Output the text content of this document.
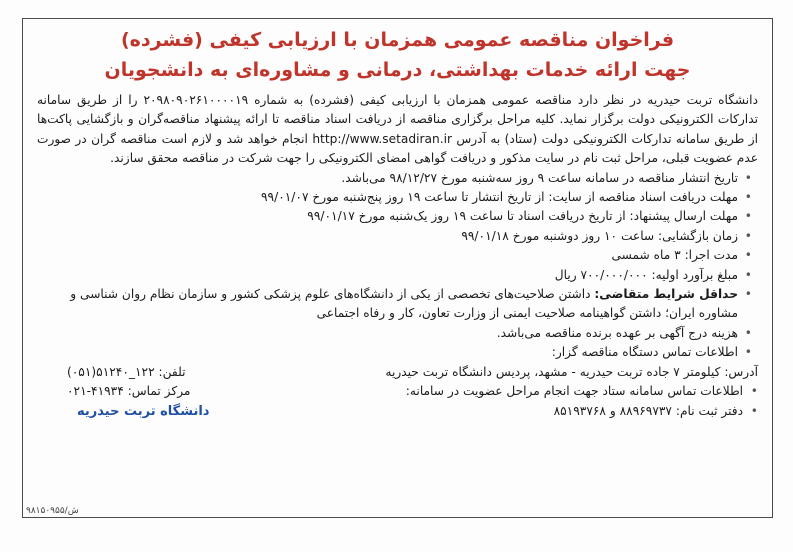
فراخوان مناقصه عمومی همزمان با ارزیابی کیفی (فشرده)
جهت ارائه خدمات بهداشتی، درمانی و مشاوره‌ای به دانشجویان

دانشگاه تربت حیدریه در نظر دارد مناقصه عمومی همزمان با ارزیابی کیفی (فشرده) به شماره ۲۰۹۸۰۹۰۲۶۱۰۰۰۰۱۹ را از طریق سامانه تدارکات الکترونیکی دولت برگزار نماید. کلیه مراحل برگزاری مناقصه از دریافت اسناد مناقصه تا ارائه پیشنهاد مناقصه‌گران و بازگشایی پاکت‌ها از طریق سامانه تدارکات الکترونیکی دولت (ستاد) به آدرس http://www.setadiran.ir انجام خواهد شد و لازم است مناقصه گران در صورت عدم عضویت قبلی، مراحل ثبت نام در سایت مذکور و دریافت گواهی امضای الکترونیکی را جهت شرکت در مناقصه محقق سازند.

•
تاریخ انتشار مناقصه در سامانه ساعت ۹ روز سه‌شنبه مورخ ۹۸/۱۲/۲۷ می‌باشد.
•
مهلت دریافت اسناد مناقصه از سایت: از تاریخ انتشار تا ساعت ۱۹ روز پنج‌شنبه مورخ ۹۹/۰۱/۰۷
•
مهلت ارسال پیشنهاد: از تاریخ دریافت اسناد تا ساعت ۱۹ روز یک‌شنبه مورخ ۹۹/۰۱/۱۷
•
زمان بازگشایی: ساعت ۱۰ روز دوشنبه مورخ ۹۹/۰۱/۱۸
•
مدت اجرا: ۳ ماه شمسی
•
مبلغ برآورد اولیه: ۷۰۰/۰۰۰/۰۰۰ ریال
•
حداقل شرایط متقاضی: داشتن صلاحیت‌های تخصصی از یکی از دانشگاه‌های علوم پزشکی کشور و سازمان نظام روان شناسی و مشاوره ایران؛ داشتن گواهینامه صلاحیت ایمنی از وزارت تعاون، کار و رفاه اجتماعی
•
هزینه درج آگهی بر عهده برنده مناقصه می‌باشد.
•
اطلاعات تماس دستگاه مناقصه گزار:
آدرس: کیلومتر ۷ جاده تربت حیدریه - مشهد، پردیس دانشگاه تربت حیدریه
تلفن: ۱۲۲_۵۱۲۴۰(۰۵۱)
•  اطلاعات تماس سامانه ستاد جهت انجام مراحل عضویت در سامانه:
مرکز تماس: ۴۱۹۳۴-۰۲۱
•  دفتر ثبت نام: ۸۸۹۶۹۷۳۷ و ۸۵۱۹۳۷۶۸
دانشگاه تربت حیدریه
۹۸۱۵۰۹۵۵/ش
